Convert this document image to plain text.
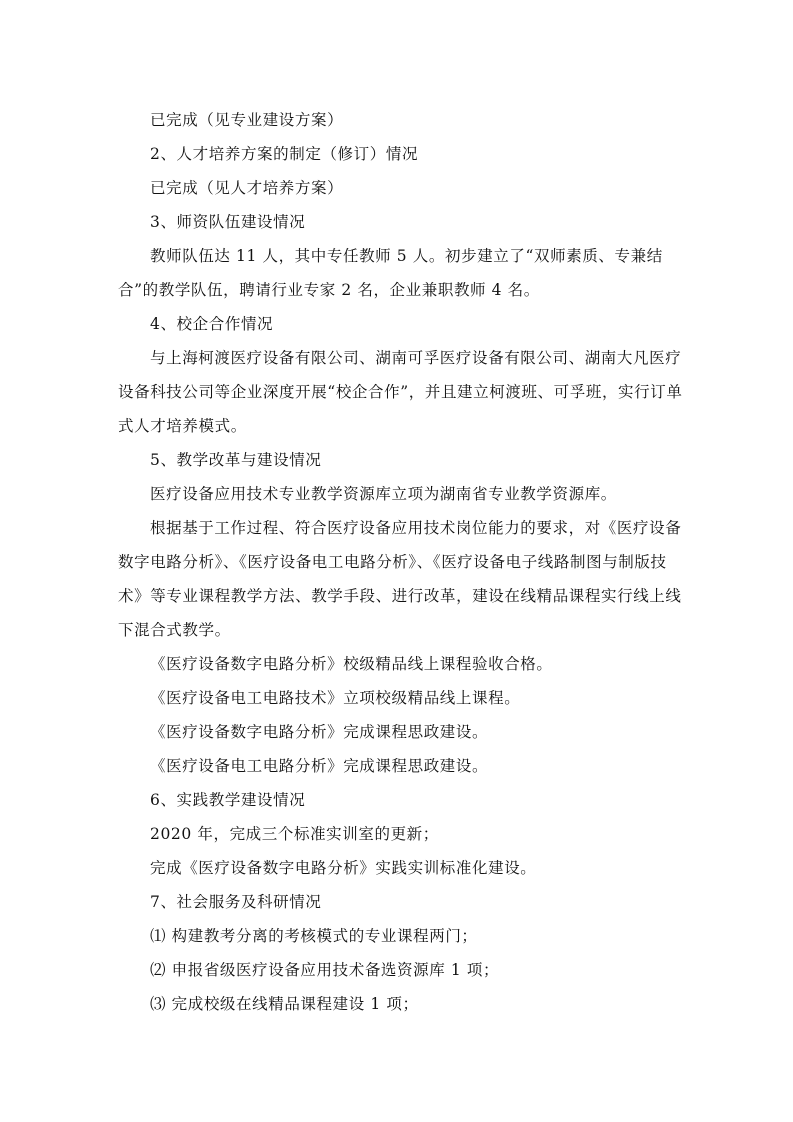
已完成（见专业建设方案）

2、人才培养方案的制定（修订）情况

已完成（见人才培养方案）

3、师资队伍建设情况

教师队伍达 11 人，其中专任教师 5 人。初步建立了“双师素质、专兼结合”的教学队伍，聘请行业专家 2 名，企业兼职教师 4 名。

4、校企合作情况

与上海柯渡医疗设备有限公司、湖南可孚医疗设备有限公司、湖南大凡医疗设备科技公司等企业深度开展“校企合作”，并且建立柯渡班、可孚班，实行订单式人才培养模式。

5、教学改革与建设情况

医疗设备应用技术专业教学资源库立项为湖南省专业教学资源库。

根据基于工作过程、符合医疗设备应用技术岗位能力的要求，对《医疗设备数字电路分析》、《医疗设备电工电路分析》、《医疗设备电子线路制图与制版技术》等专业课程教学方法、教学手段、进行改革，建设在线精品课程实行线上线下混合式教学。

《医疗设备数字电路分析》校级精品线上课程验收合格。

《医疗设备电工电路技术》立项校级精品线上课程。

《医疗设备数字电路分析》完成课程思政建设。

《医疗设备电工电路分析》完成课程思政建设。

6、实践教学建设情况

2020 年，完成三个标准实训室的更新；

完成《医疗设备数字电路分析》实践实训标准化建设。

7、社会服务及科研情况

⑴ 构建教考分离的考核模式的专业课程两门；

⑵ 申报省级医疗设备应用技术备选资源库 1 项；

⑶ 完成校级在线精品课程建设 1 项；
